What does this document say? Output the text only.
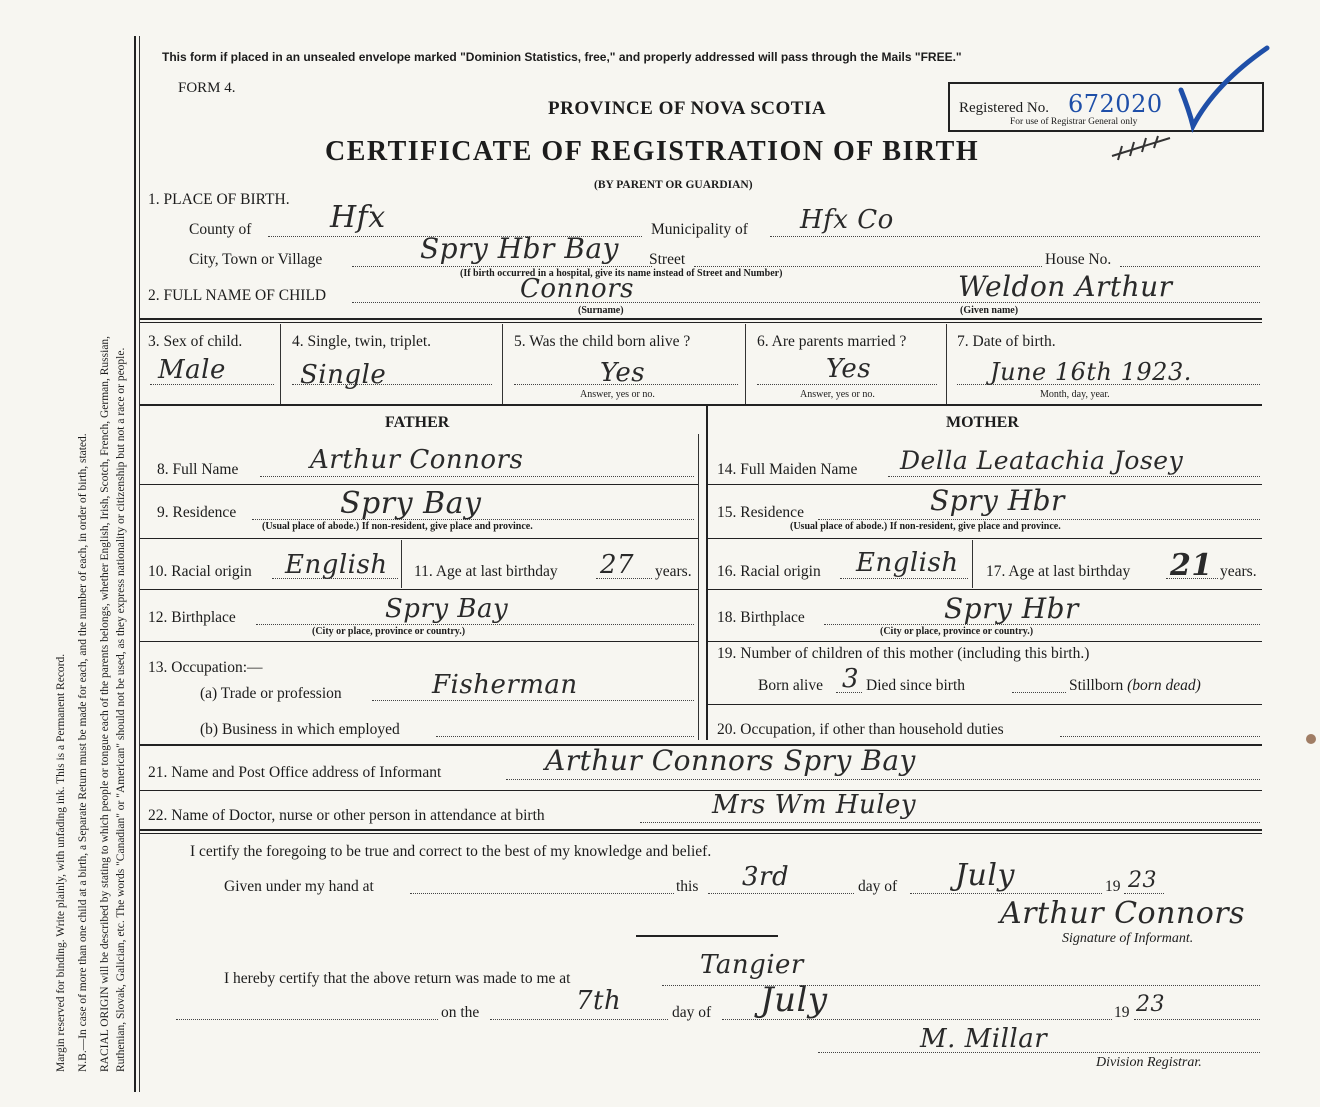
Margin reserved for binding. Write plainly, with unfading ink. This is a Permanent Record. N.B.—In case of more than one child at a birth, a Separate Return must be made for each, and the number of each, in order of birth, stated. RACIAL ORIGIN will be described by stating to which people or tongue each of the parents belongs, whether English, Irish, Scotch, French, German, Russian, Ruthenian, Slovak, Galician, etc. The words "Canadian" or "American" should not be used, as they express nationality or citizenship but not a race or people.
This form if placed in an unsealed envelope marked "Dominion Statistics, free," and properly addressed will pass through the Mails "FREE."
FORM 4.
PROVINCE OF NOVA SCOTIA
CERTIFICATE OF REGISTRATION OF BIRTH
(BY PARENT OR GUARDIAN)
Registered No. 672020
For use of Registrar General only
1. PLACE OF BIRTH.
County of	Hfx	Municipality of Hfx Co
City, Town or Village	Spry Hbr Bay Street	House No.
(If birth occurred in a hospital, give its name instead of Street and Number)
2. FULL NAME OF CHILD	Connors
(Surname)
Weldon Arthur
(Given name)
3. Sex of child.
Male
4. Single, twin, triplet.
Single
5. Was the child born alive ?
Yes
Answer, yes or no.
6. Are parents married ?
Yes
Answer, yes or no.
7. Date of birth.
June 16th 1923.
Month, day, year.
FATHER	MOTHER
8. Full Name	Arthur Connors
9. Residence	Spry Bay
(Usual place of abode.) If non-resident, give place and province.
10. Racial origin English 11. Age at last birthday 27 years.
12. Birthplace	Spry Bay
(City or place, province or country.)
13. Occupation:—
(a) Trade or profession	Fisherman
(b) Business in which employed
14. Full Maiden Name Della Leatachia Josey
15. Residence	Spry Hbr
(Usual place of abode.) If non-resident, give place and province.
16. Racial origin English 17. Age at last birthday 21 years.
18. Birthplace	Spry Hbr
(City or place, province or country.)
19. Number of children of this mother (including this birth.)
Born alive 3 Died since birth	Stillborn (born dead)
20. Occupation, if other than household duties
21. Name and Post Office address of Informant	Arthur Connors Spry Bay
22. Name of Doctor, nurse or other person in attendance at birth	Mrs Wm Huley
I certify the foregoing to be true and correct to the best of my knowledge and belief.
Given under my hand at	this 3rd	day of July	19 23
Arthur Connors
Signature of Informant.
I hereby certify that the above return was made to me at	Tangier
on the	7th	day of July	19 23
M. Millar
Division Registrar.
